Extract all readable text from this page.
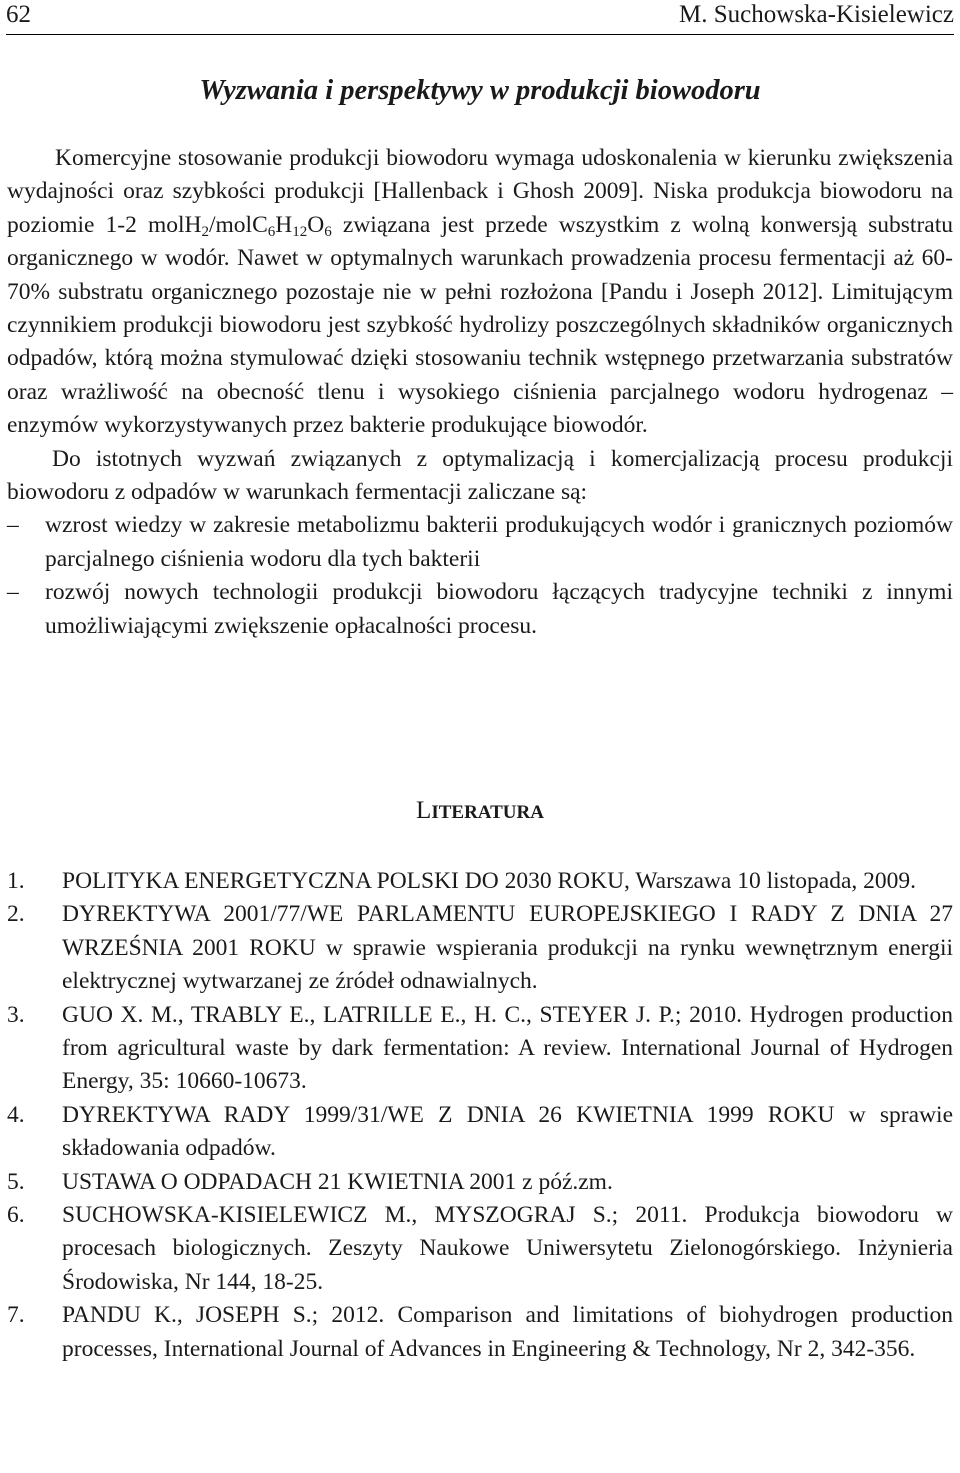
62	M. Suchowska-Kisielewicz
Wyzwania i perspektywy w produkcji biowodoru

Komercyjne stosowanie produkcji biowodoru wymaga udoskonalenia w kierunku zwiększenia wydajności oraz szybkości produkcji [Hallenback i Ghosh 2009]. Niska produkcja biowodoru na poziomie 1-2 $molH_2/molC_6H_{12}O_6$ związana jest przede wszystkim z wolną konwersją substratu organicznego w wodór. Nawet w optymalnych warunkach prowadzenia procesu fermentacji aż 60-70% substratu organicznego pozostaje nie w pełni rozłożona [Pandu i Joseph 2012]. Limitującym czynnikiem produkcji biowodoru jest szybkość hydrolizy poszczególnych składników organicznych odpadów, którą można stymulować dzięki stosowaniu technik wstępnego przetwarzania substratów oraz wrażliwość na obecność tlenu i wysokiego ciśnienia parcjalnego wodoru hydrogenaz – enzymów wykorzystywanych przez bakterie produkujące biowodór.

Do istotnych wyzwań związanych z optymalizacją i komercjalizacją procesu produkcji biowodoru z odpadów w warunkach fermentacji zaliczane są:

– wzrost wiedzy w zakresie metabolizmu bakterii produkujących wodór i granicznych poziomów parcjalnego ciśnienia wodoru dla tych bakterii
– rozwój nowych technologii produkcji biowodoru łączących tradycyjne techniki z innymi umożliwiającymi zwiększenie opłacalności procesu.
LITERATURA
1. POLITYKA ENERGETYCZNA POLSKI DO 2030 ROKU, Warszawa 10 listopada, 2009.
2. DYREKTYWA 2001/77/WE PARLAMENTU EUROPEJSKIEGO I RADY Z DNIA 27 WRZEŚNIA 2001 ROKU w sprawie wspierania produkcji na rynku wewnętrznym energii elektrycznej wytwarzanej ze źródeł odnawialnych.
3. GUO X. M., TRABLY E., LATRILLE E., H. C., STEYER J. P.; 2010. Hydrogen production from agricultural waste by dark fermentation: A review. International Journal of Hydrogen Energy, 35: 10660-10673.
4. DYREKTYWA RADY 1999/31/WE Z DNIA 26 KWIETNIA 1999 ROKU w sprawie składowania odpadów.
5. USTAWA O ODPADACH 21 KWIETNIA 2001 z póź.zm.
6. SUCHOWSKA-KISIELEWICZ M., MYSZOGRAJ S.; 2011. Produkcja biowodoru w procesach biologicznych. Zeszyty Naukowe Uniwersytetu Zielonogórskiego. Inżynieria Środowiska, Nr 144, 18-25.
7. PANDU K., JOSEPH S.; 2012. Comparison and limitations of biohydrogen production processes, International Journal of Advances in Engineering & Technology, Nr 2, 342-356.
